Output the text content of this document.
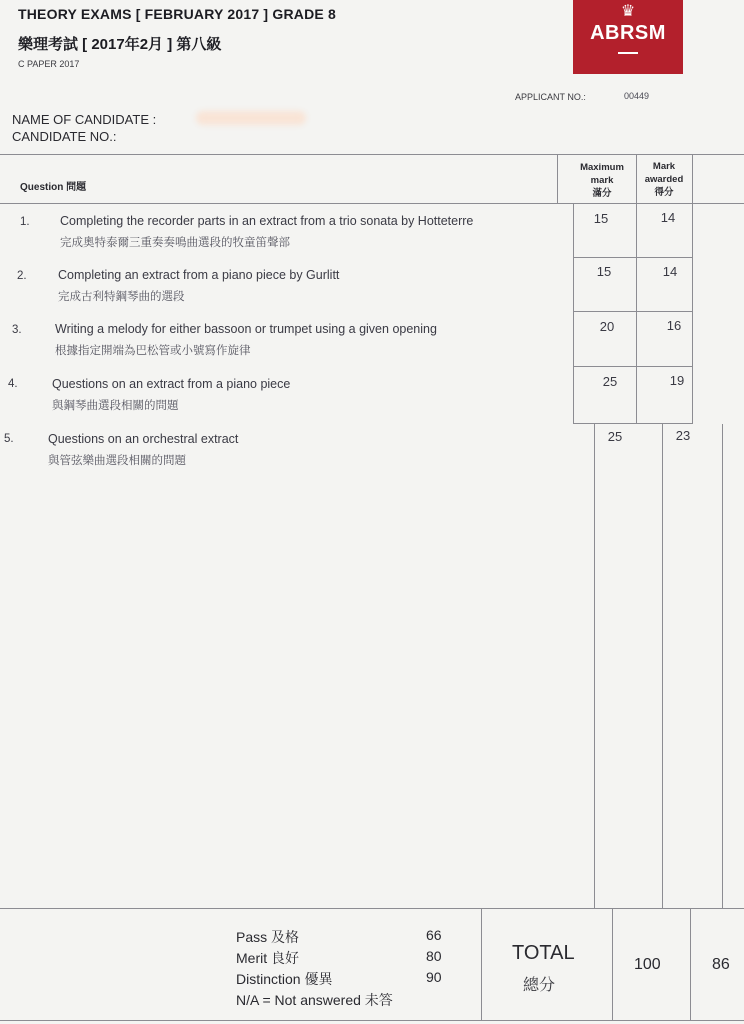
THEORY EXAMS [ FEBRUARY 2017 ] GRADE 8
樂理考試 [ 2017年2月 ] 第八級
C PAPER 2017
♛
ABRSM
APPLICANT NO.:	00449
NAME OF CANDIDATE :
CANDIDATE NO.:
Question 問題
Maximum
mark
滿分
Mark
awarded
得分
1. Completing the recorder parts in an extract from a trio sonata by Hotteterre
完成奧特泰爾三重奏奏鳴曲選段的牧童笛聲部
15	14
2.	Completing an extract from a piano piece by Gurlitt
完成古利特鋼琴曲的選段
15	14
3.	Writing a melody for either bassoon or trumpet using a given opening
根據指定開端為巴松管或小號寫作旋律
20	16
4.	Questions on an extract from a piano piece
與鋼琴曲選段相關的問題
25	19
5.	Questions on an orchestral extract
與管弦樂曲選段相關的問題
25	23
Pass 及格	66
Merit 良好	80
Distinction 優異	90
N/A = Not answered 未答
TOTAL
總分
100	86
